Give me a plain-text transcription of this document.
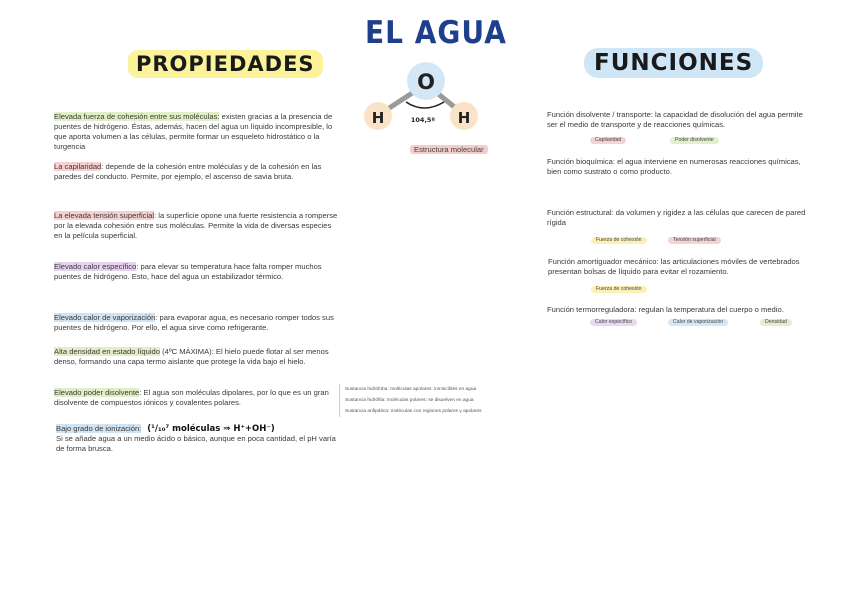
EL AGUA
PROPIEDADES	FUNCIONES
Elevada fuerza de cohesión entre sus moléculas: existen gracias a la presencia de puentes de hidrógeno. Éstas, además, hacen del agua un líquido incompresible, lo que aporta volumen a las células, permite formar un esqueleto hidrostático o la turgencia
La capilaridad: depende de la cohesión entre moléculas y de la cohesión en las paredes del conducto. Permite, por ejemplo, el ascenso de savia bruta.
La elevada tensión superficial: la superficie opone una fuerte resistencia a romperse por la elevada cohesión entre sus moléculas. Permite la vida de diversas especies en la película superficial.
Elevado calor específico: para elevar su temperatura hace falta romper muchos puentes de hidrógeno. Esto, hace del agua un estabilizador térmico.
Elevado calor de vaporización: para evaporar agua, es necesario romper todos sus puentes de hidrógeno. Por ello, el agua sirve como refrigerante.
Alta densidad en estado líquido (4ºC MÁXIMA): El hielo puede flotar al ser menos denso, formando una capa termo aislante que protege la vida bajo el hielo.
Elevado poder disolvente: El agua son moléculas dipolares, por lo que es un gran disolvente de compuestos iónicos y covalentes polares.
Bajo grado de ionización: (¹/₁₀⁷ moléculas ⇒ H⁺+OH⁻)
Si se añade agua a un medio ácido o básico, aunque en poca cantidad, el pH varía de forma brusca.
O
H	H
104,5º
Estructura molecular
Sustancia hidrófoba: moléculas apolares: inmiscibles en agua
Sustancia hidrófila: moléculas polares: se disuelven en agua
Sustancia anfipática: moléculas con regiones polares y apolares
Función disolvente / transporte: la capacidad de disolución del agua permite ser el medio de transporte y de reacciones químicas.
Capilaridad	Poder disolvente
Función bioquímica: el agua interviene en numerosas reacciones químicas, bien como sustrato o como producto.
Función estructural: da volumen y rigidez a las células que carecen de pared rígida
Fuerza de cohesión	Tensión superficial
Función amortiguador mecánico: las articulaciones móviles de vertebrados presentan bolsas de líquido para evitar el rozamiento.
Fuerza de cohesión
Función termorreguladora: regulan la temperatura del cuerpo o medio.
Calor específico	Calor de vaporización	Densidad
